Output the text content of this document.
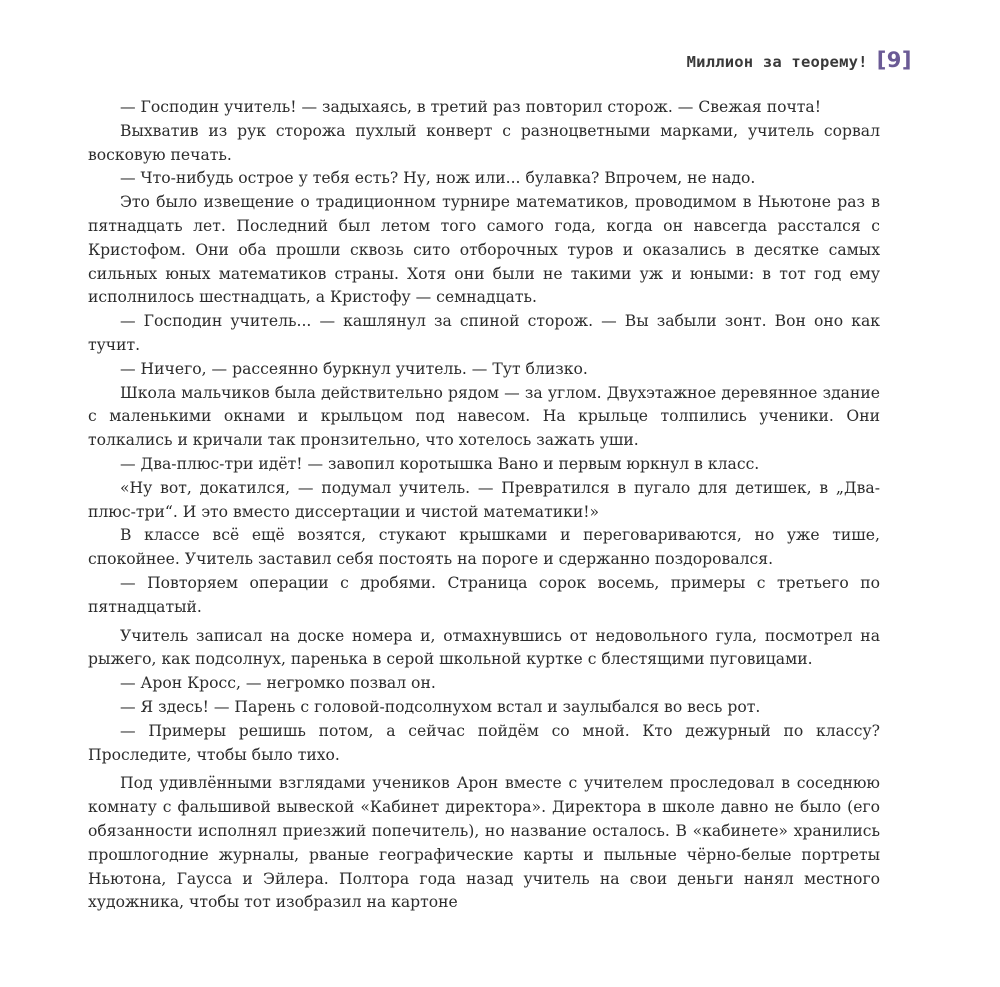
Миллион за теорему! [9]

— Господин учитель! — задыхаясь, в третий раз повторил сторож. — Свежая почта!

Выхватив из рук сторожа пухлый конверт с разноцветными марками, учитель сорвал восковую печать.

— Что-нибудь острое у тебя есть? Ну, нож или... булавка? Впрочем, не надо.

Это было извещение о традиционном турнире математиков, проводимом в Ньютоне раз в пятнадцать лет. Последний был летом того самого года, когда он навсегда расстался с Кристофом. Они оба прошли сквозь сито отборочных туров и оказались в десятке самых сильных юных математиков страны. Хотя они были не такими уж и юными: в тот год ему исполнилось шестнадцать, а Кристофу — семнадцать.

— Господин учитель... — кашлянул за спиной сторож. — Вы забыли зонт. Вон оно как тучит.

— Ничего, — рассеянно буркнул учитель. — Тут близко.

Школа мальчиков была действительно рядом — за углом. Двухэтажное деревянное здание с маленькими окнами и крыльцом под навесом. На крыльце толпились ученики. Они толкались и кричали так пронзительно, что хотелось зажать уши.

— Два-плюс-три идёт! — завопил коротышка Вано и первым юркнул в класс.

«Ну вот, докатился, — подумал учитель. — Превратился в пугало для детишек, в „Два-плюс-три“. И это вместо диссертации и чистой математики!»

В классе всё ещё возятся, стукают крышками и переговариваются, но уже тише, спокойнее. Учитель заставил себя постоять на пороге и сдержанно поздоровался.

— Повторяем операции с дробями. Страница сорок восемь, примеры с третьего по пятнадцатый.

Учитель записал на доске номера и, отмахнувшись от недовольного гула, посмотрел на рыжего, как подсолнух, паренька в серой школьной куртке с блестящими пуговицами.

— Арон Кросс, — негромко позвал он.

— Я здесь! — Парень с головой-подсолнухом встал и заулыбался во весь рот.

— Примеры решишь потом, а сейчас пойдём со мной. Кто дежурный по классу? Проследите, чтобы было тихо.

Под удивлёнными взглядами учеников Арон вместе с учителем проследовал в соседнюю комнату с фальшивой вывеской «Кабинет директора». Директора в школе давно не было (его обязанности исполнял приезжий попечитель), но название осталось. В «кабинете» хранились прошлогодние журналы, рваные географические карты и пыльные чёрно-белые портреты Ньютона, Гаусса и Эйлера. Полтора года назад учитель на свои деньги нанял местного художника, чтобы тот изобразил на картоне
